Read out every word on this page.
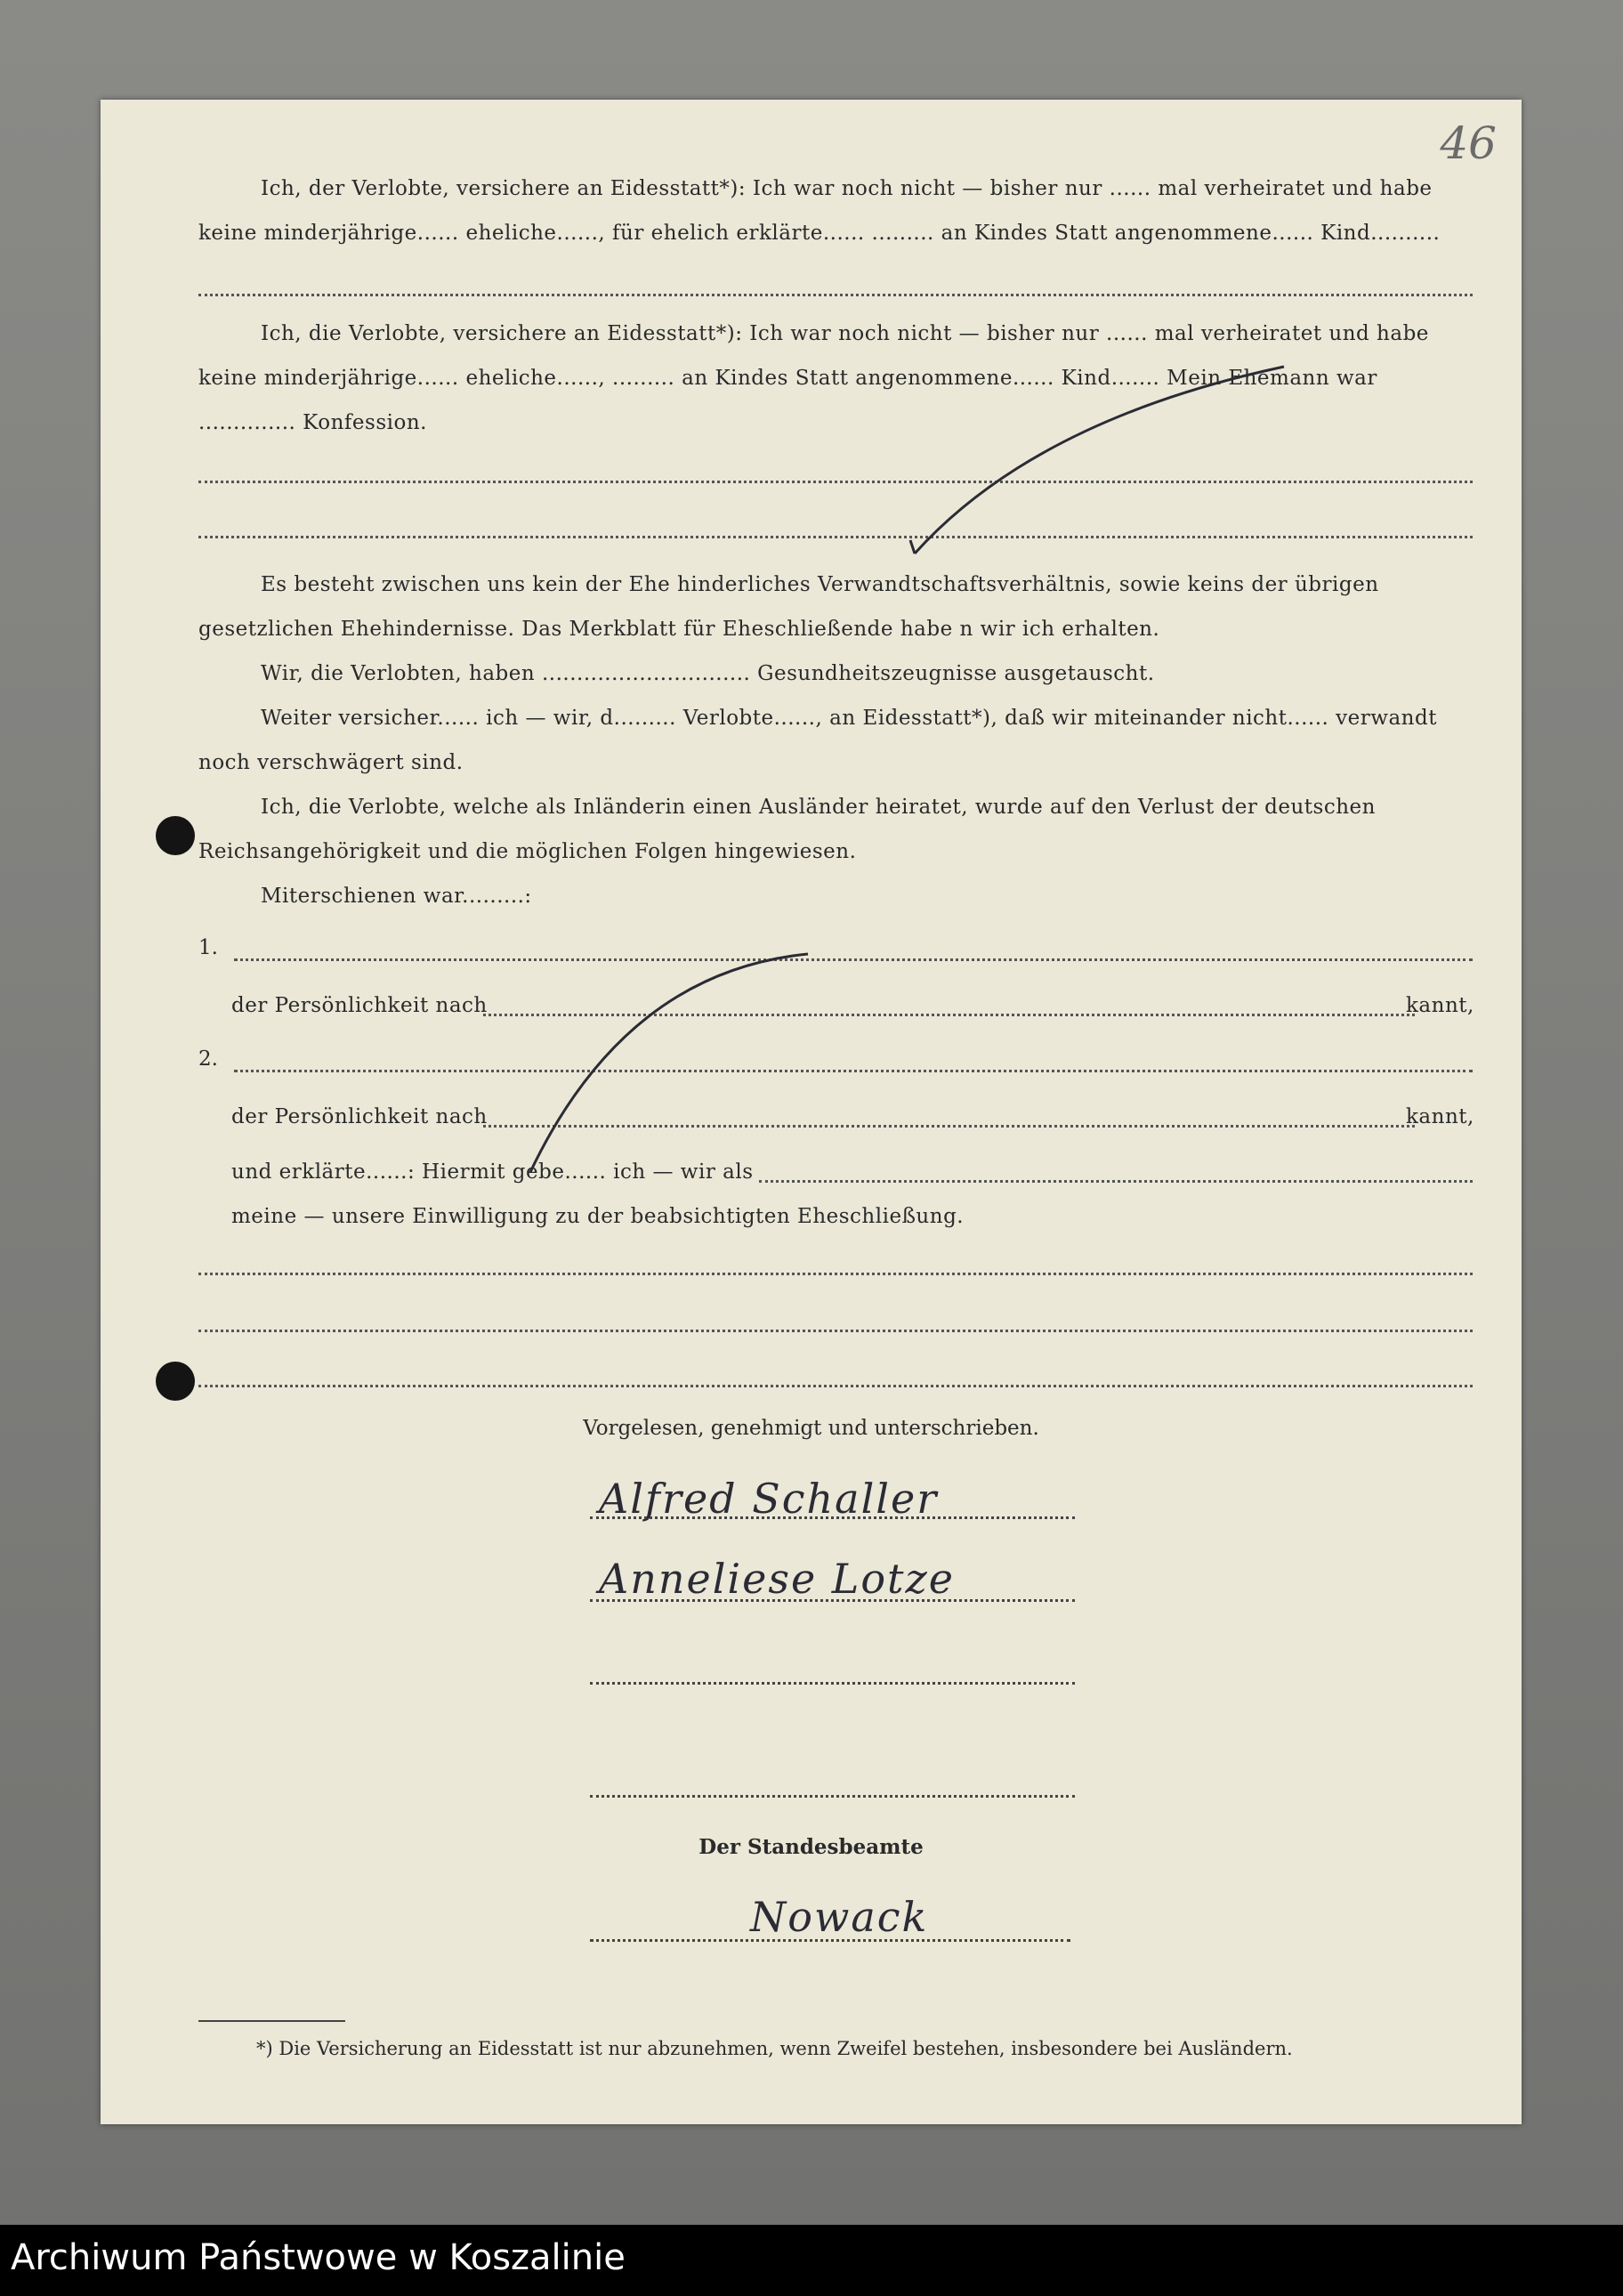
46
Ich, der Verlobte, versichere an Eidesstatt*): Ich war noch nicht — bisher nur ...... mal verheiratet und habe keine minderjährige...... eheliche......, für ehelich erklärte...... ......... an Kindes Statt angenommene...... Kind..........
Ich, die Verlobte, versichere an Eidesstatt*): Ich war noch nicht — bisher nur ...... mal verheiratet und habe keine minderjährige...... eheliche......, ......... an Kindes Statt angenommene...... Kind....... Mein Ehemann war .............. Konfession.
Es besteht zwischen uns kein der Ehe hinderliches Verwandtschaftsverhältnis, sowie keins der übrigen gesetzlichen Ehehindernisse. Das Merkblatt für Eheschließende habe n wir ich erhalten.
Wir, die Verlobten, haben .............................. Gesundheitszeugnisse ausgetauscht.
Weiter versicher...... ich — wir, d......... Verlobte......, an Eidesstatt*), daß wir miteinander nicht...... verwandt noch verschwägert sind.
Ich, die Verlobte, welche als Inländerin einen Ausländer heiratet, wurde auf den Verlust der deutschen Reichsangehörigkeit und die möglichen Folgen hingewiesen.
Miterschienen war.........:
1.
der Persönlichkeit nach	kannt,
2.
der Persönlichkeit nach	kannt,
und erklärte......: Hiermit gebe...... ich — wir als
meine — unsere Einwilligung zu der beabsichtigten Eheschließung.
Vorgelesen, genehmigt und unterschrieben.
Alfred Schaller
Anneliese Lotze
Der Standesbeamte
Nowack
*) Die Versicherung an Eidesstatt ist nur abzunehmen, wenn Zweifel bestehen, insbesondere bei Ausländern.
Archiwum Państwowe w Koszalinie
